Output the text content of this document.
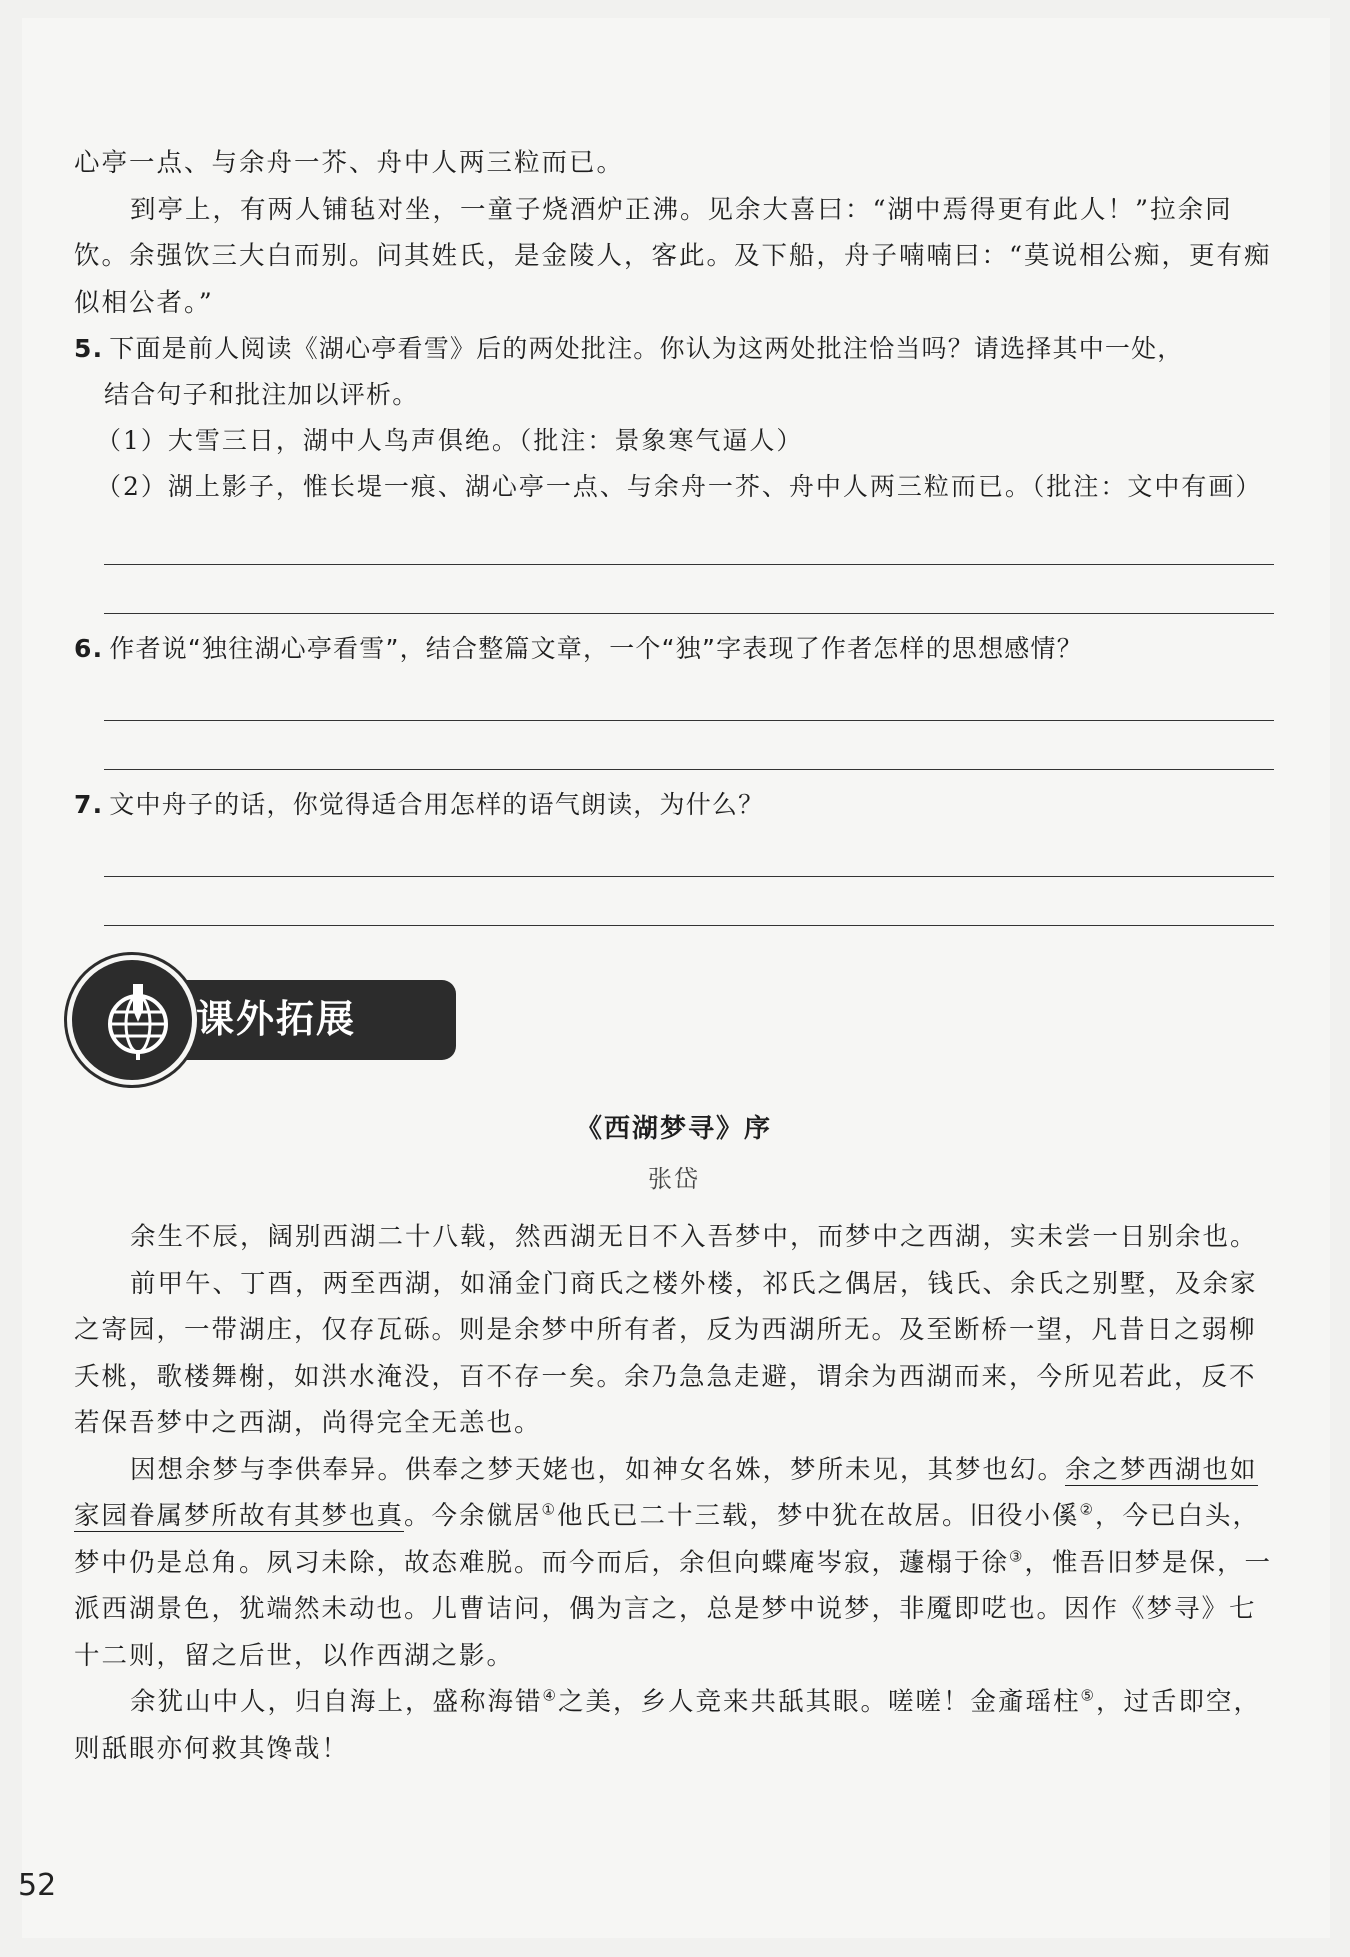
心亭一点、与余舟一芥、舟中人两三粒而已。

到亭上，有两人铺毡对坐，一童子烧酒炉正沸。见余大喜曰：“湖中焉得更有此人！”拉余同饮。余强饮三大白而别。问其姓氏，是金陵人，客此。及下船，舟子喃喃曰：“莫说相公痴，更有痴似相公者。”

5. 下面是前人阅读《湖心亭看雪》后的两处批注。你认为这两处批注恰当吗？请选择其中一处，

结合句子和批注加以评析。

（1）大雪三日，湖中人鸟声俱绝。（批注：景象寒气逼人）

（2）湖上影子，惟长堤一痕、湖心亭一点、与余舟一芥、舟中人两三粒而已。（批注：文中有画）

6. 作者说“独往湖心亭看雪”，结合整篇文章，一个“独”字表现了作者怎样的思想感情？

7. 文中舟子的话，你觉得适合用怎样的语气朗读，为什么？

课外拓展

《西湖梦寻》序

张岱

余生不辰，阔别西湖二十八载，然西湖无日不入吾梦中，而梦中之西湖，实未尝一日别余也。

前甲午、丁酉，两至西湖，如涌金门商氏之楼外楼，祁氏之偶居，钱氏、余氏之别墅，及余家之寄园，一带湖庄，仅存瓦砾。则是余梦中所有者，反为西湖所无。及至断桥一望，凡昔日之弱柳夭桃，歌楼舞榭，如洪水淹没，百不存一矣。余乃急急走避，谓余为西湖而来，今所见若此，反不若保吾梦中之西湖，尚得完全无恙也。

因想余梦与李供奉异。供奉之梦天姥也，如神女名姝，梦所未见，其梦也幻。余之梦西湖也如家园眷属梦所故有其梦也真。今余僦居①他氏已二十三载，梦中犹在故居。旧役小傒②，今已白头，梦中仍是总角。夙习未除，故态难脱。而今而后，余但向蝶庵岑寂，蘧榻于徐③，惟吾旧梦是保，一派西湖景色，犹端然未动也。儿曹诘问，偶为言之，总是梦中说梦，非魇即呓也。因作《梦寻》七十二则，留之后世，以作西湖之影。

余犹山中人，归自海上，盛称海错④之美，乡人竞来共舐其眼。嗟嗟！金齑瑶柱⑤，过舌即空，则舐眼亦何救其馋哉！

52
